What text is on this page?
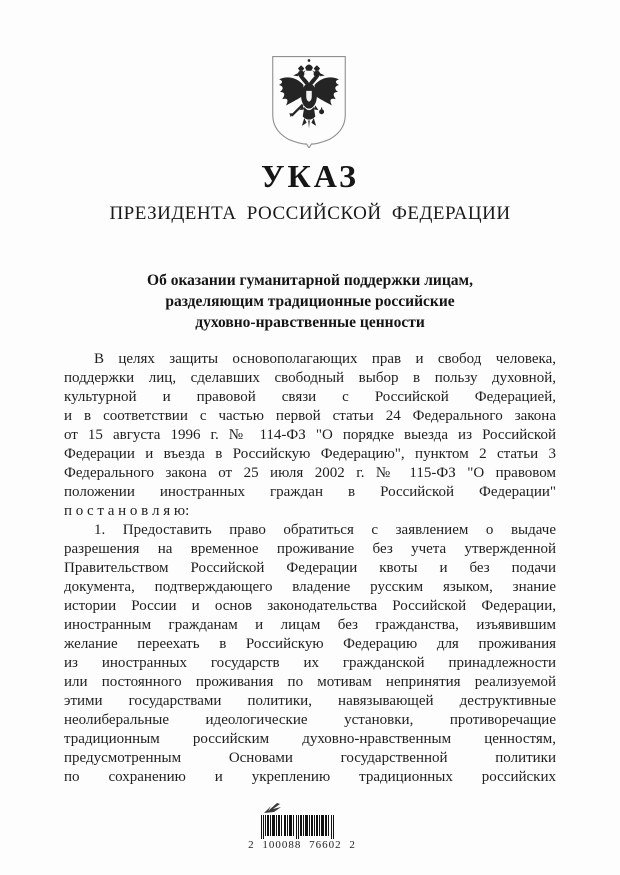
УКАЗ
ПРЕЗИДЕНТА РОССИЙСКОЙ ФЕДЕРАЦИИ
Об оказании гуманитарной поддержки лицам,
разделяющим традиционные российские
духовно-нравственные ценности
В целях защиты основополагающих прав и свобод человека,
поддержки лиц, сделавших свободный выбор в пользу духовной,
культурной и правовой связи с Российской Федерацией,
и в соответствии с частью первой статьи 24 Федерального закона
от 15 августа 1996 г. № 114-ФЗ "О порядке выезда из Российской
Федерации и въезда в Российскую Федерацию", пунктом 2 статьи 3
Федерального закона от 25 июля 2002 г. № 115-ФЗ "О правовом
положении иностранных граждан в Российской Федерации"
п о с т а н о в л я ю:
1. Предоставить право обратиться с заявлением о выдаче
разрешения на временное проживание без учета утвержденной
Правительством Российской Федерации квоты и без подачи
документа, подтверждающего владение русским языком, знание
истории России и основ законодательства Российской Федерации,
иностранным гражданам и лицам без гражданства, изъявившим
желание переехать в Российскую Федерацию для проживания
из иностранных государств их гражданской принадлежности
или постоянного проживания по мотивам непринятия реализуемой
этими государствами политики, навязывающей деструктивные
неолиберальные идеологические установки, противоречащие
традиционным российским духовно-нравственным ценностям,
предусмотренным Основами государственной политики
по сохранению и укреплению традиционных российских
2 100088 76602 2
